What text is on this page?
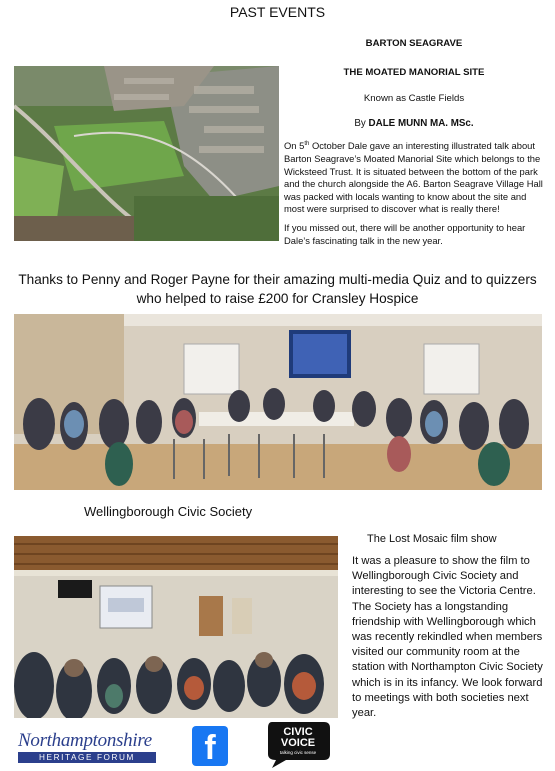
PAST EVENTS
BARTON SEAGRAVE
THE MOATED MANORIAL SITE
Known as Castle Fields
By DALE MUNN MA. MSc.

On 5th October Dale gave an interesting illustrated talk about Barton Seagrave’s Moated Manorial Site which belongs to the Wicksteed Trust. It is situated between the bottom of the park and the church alongside the A6. Barton Seagrave Village Hall was packed with locals wanting to know about the site and most were surprised to discover what is really there!

If you missed out, there will be another opportunity to hear Dale’s fascinating talk in the new year.

Thanks to Penny and Roger Payne for their amazing multi-media Quiz and to quizzers who helped to raise £200 for Cransley Hospice
Wellingborough Civic Society
The Lost Mosaic film show
It was a pleasure to show the film to Wellingborough Civic Society and interesting to see the Victoria Centre. The Society has a longstanding friendship with Wellingborough which was recently rekindled when members visited our community room at the station with Northampton Civic Society which is in its infancy. We look forward to meetings with both societies next year.
Northamptonshire
HERITAGE FORUM	f	CIVIC
VOICE
talking civic sense
